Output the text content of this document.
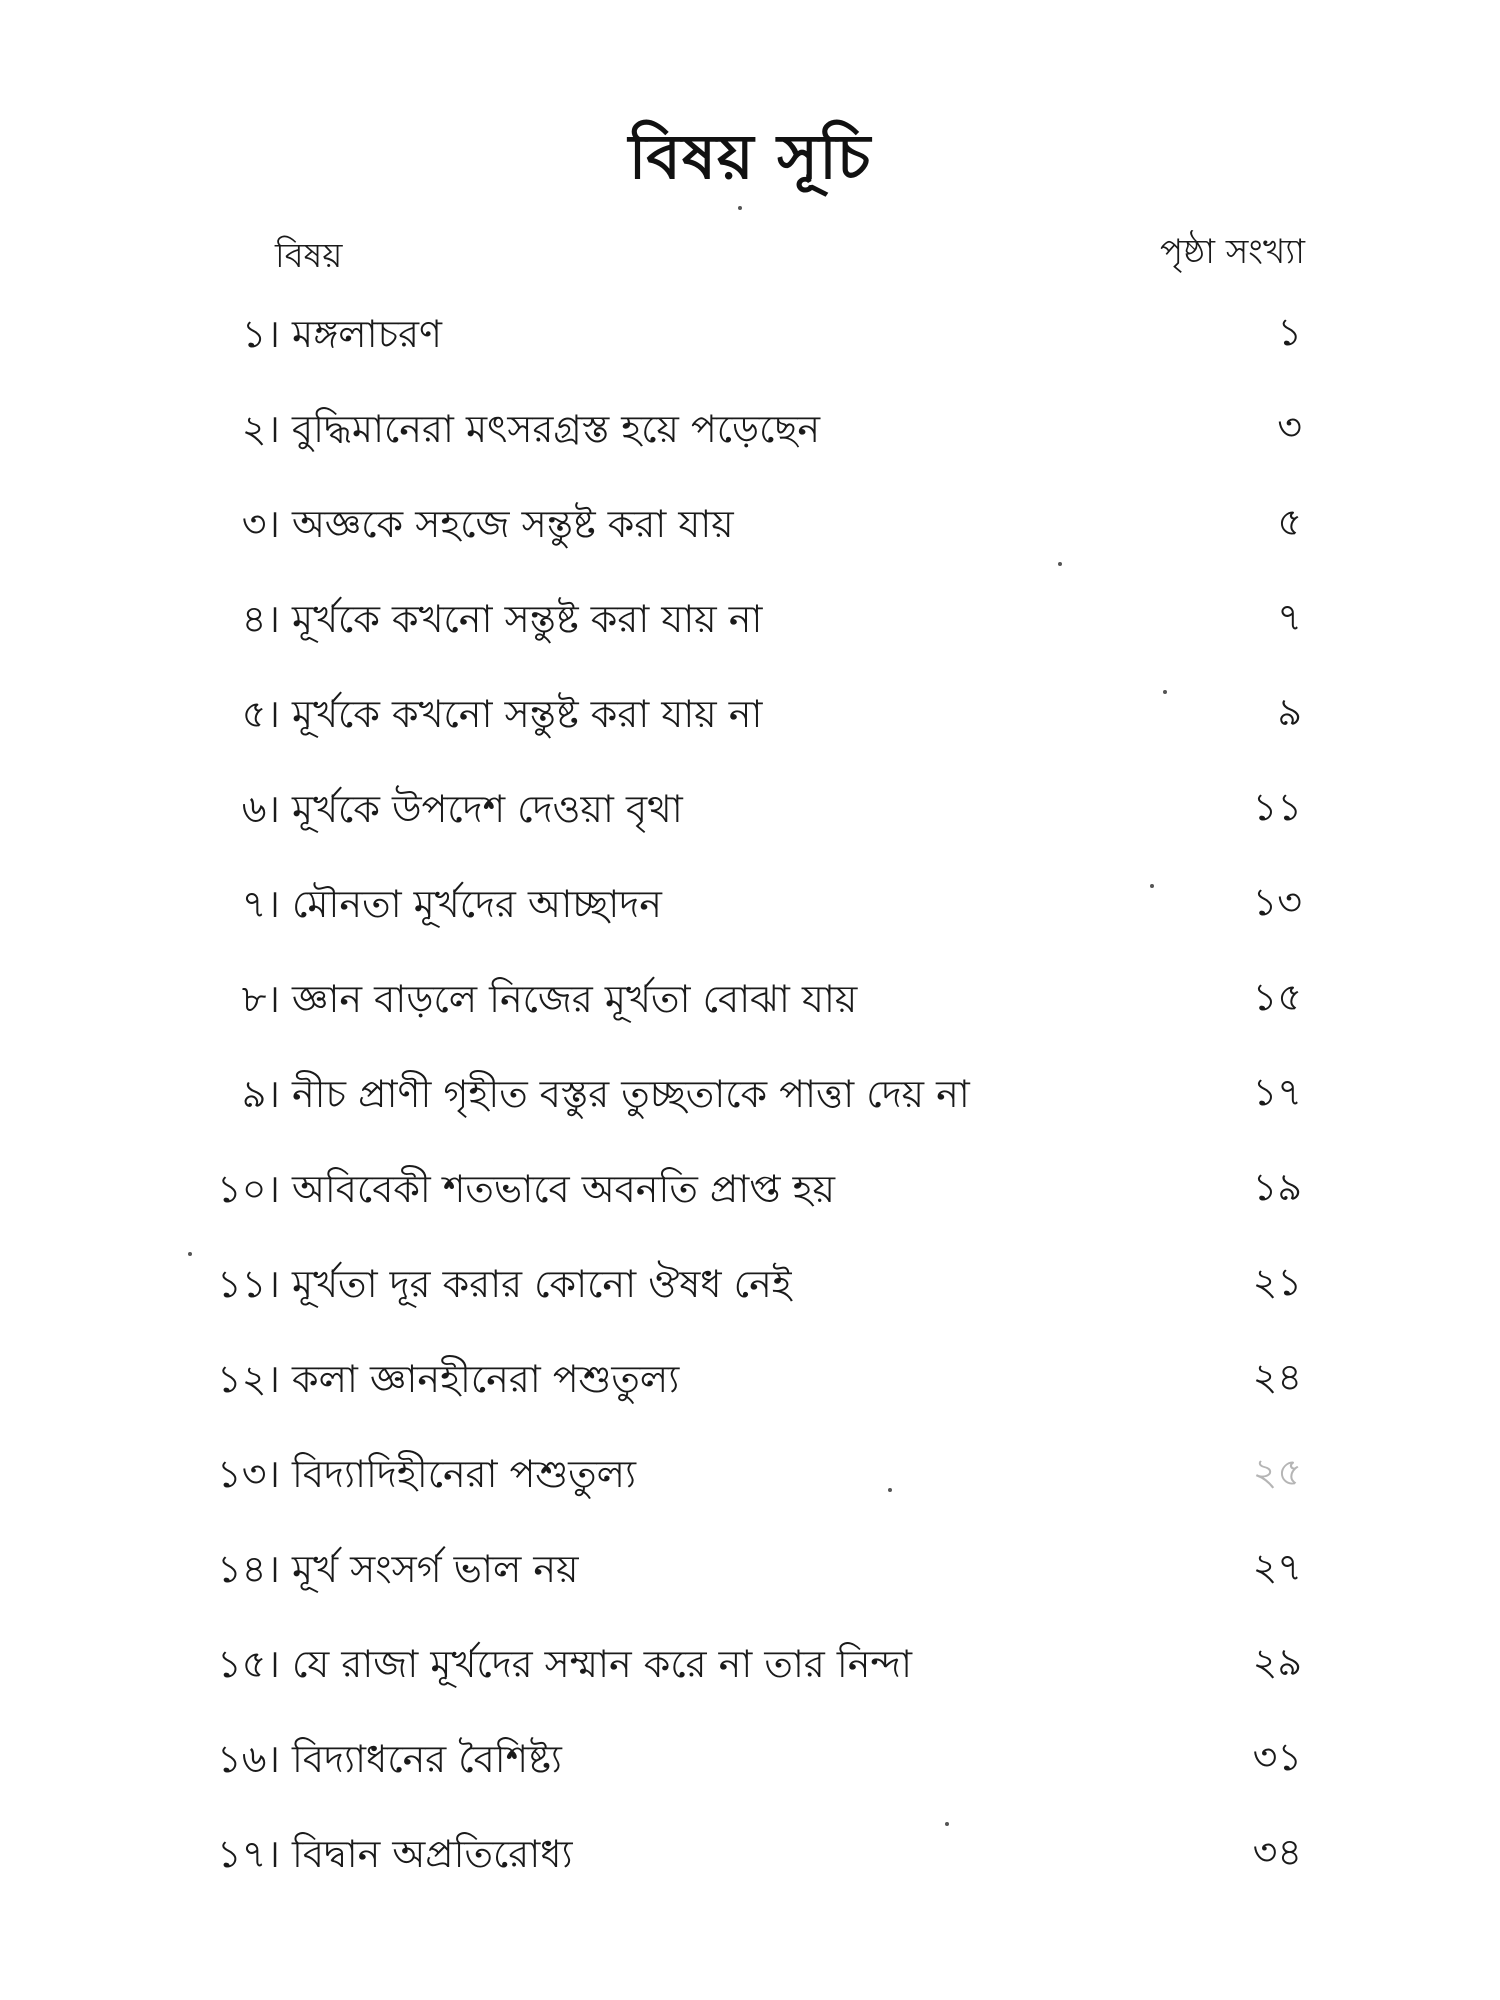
বিষয় সূচি
বিষয়	পৃষ্ঠা সংখ্যা
১। মঙ্গলাচরণ	১
২। বুদ্ধিমানেরা মৎসরগ্রস্ত হয়ে পড়েছেন	৩
৩। অজ্ঞকে সহজে সন্তুষ্ট করা যায়	৫
৪। মূর্খকে কখনো সন্তুষ্ট করা যায় না	৭
৫। মূর্খকে কখনো সন্তুষ্ট করা যায় না	৯
৬। মূর্খকে উপদেশ দেওয়া বৃথা	১১
৭। মৌনতা মূর্খদের আচ্ছাদন	১৩
৮। জ্ঞান বাড়লে নিজের মূর্খতা বোঝা যায়	১৫
৯। নীচ প্রাণী গৃহীত বস্তুর তুচ্ছতাকে পাত্তা দেয় না	১৭
১০। অবিবেকী শতভাবে অবনতি প্রাপ্ত হয়	১৯
১১। মূর্খতা দূর করার কোনো ঔষধ নেই	২১
১২। কলা জ্ঞানহীনেরা পশুতুল্য	২৪
১৩। বিদ্যাদিহীনেরা পশুতুল্য	২৫
১৪। মূর্খ সংসর্গ ভাল নয়	২৭
১৫। যে রাজা মূর্খদের সম্মান করে না তার নিন্দা	২৯
১৬। বিদ্যাধনের বৈশিষ্ট্য	৩১
১৭। বিদ্বান অপ্রতিরোধ্য	৩৪
